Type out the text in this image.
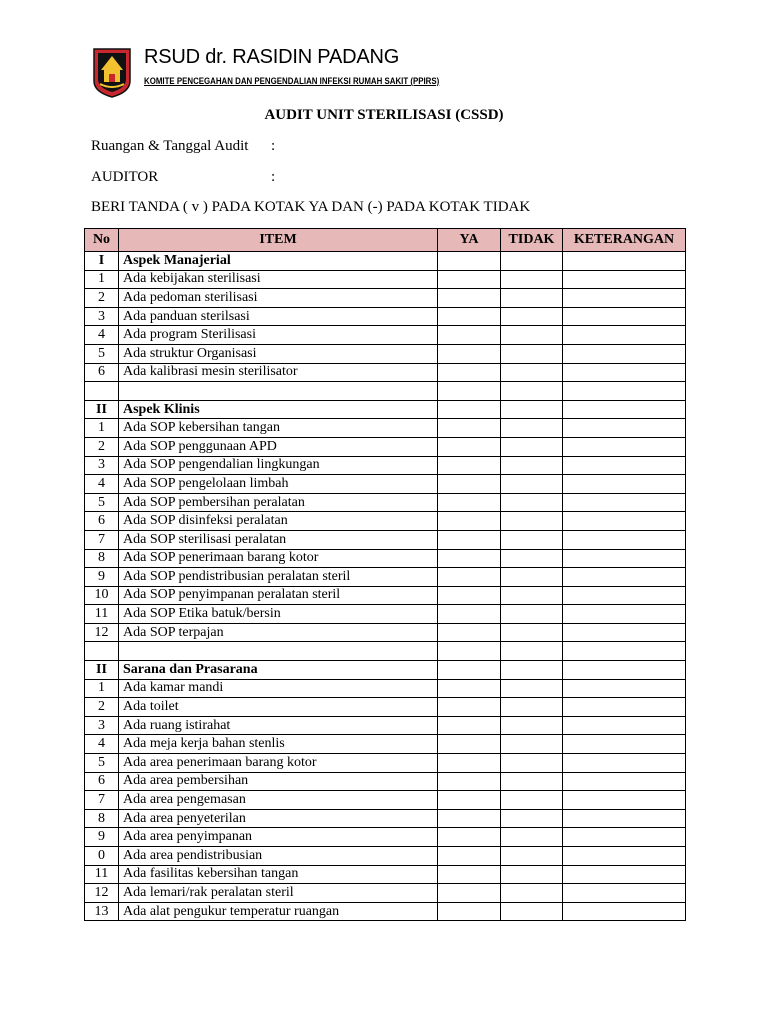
RSUD dr. RASIDIN PADANG
KOMITE PENCEGAHAN DAN PENGENDALIAN INFEKSI RUMAH SAKIT (PPIRS)
AUDIT UNIT STERILISASI (CSSD)
Ruangan & Tanggal Audit :
AUDITOR	:
BERI TANDA ( v ) PADA KOTAK YA DAN (-) PADA KOTAK TIDAK
No	ITEM	YA	TIDAK	KETERANGAN
I	Aspek Manajerial			
1	Ada kebijakan sterilisasi			
2	Ada pedoman sterilisasi			
3	Ada panduan sterilsasi			
4	Ada program Sterilisasi			
5	Ada struktur Organisasi			
6	Ada kalibrasi mesin sterilisator			

II	Aspek Klinis			
1	Ada SOP kebersihan tangan			
2	Ada SOP penggunaan APD			
3	Ada SOP pengendalian lingkungan			
4	Ada SOP pengelolaan limbah			
5	Ada SOP pembersihan peralatan			
6	Ada SOP disinfeksi peralatan			
7	Ada SOP sterilisasi peralatan			
8	Ada SOP penerimaan barang kotor			
9	Ada SOP pendistribusian peralatan steril			
10	Ada SOP penyimpanan peralatan steril			
11	Ada SOP Etika batuk/bersin			
12	Ada SOP terpajan			

II	Sarana dan Prasarana			
1	Ada kamar mandi			
2	Ada toilet			
3	Ada ruang istirahat			
4	Ada meja kerja bahan stenlis			
5	Ada area penerimaan barang kotor			
6	Ada area pembersihan			
7	Ada area pengemasan			
8	Ada area penyeterilan			
9	Ada area penyimpanan			
0	Ada area pendistribusian			
11	Ada fasilitas kebersihan tangan			
12	Ada lemari/rak peralatan steril			
13	Ada alat pengukur temperatur ruangan			
